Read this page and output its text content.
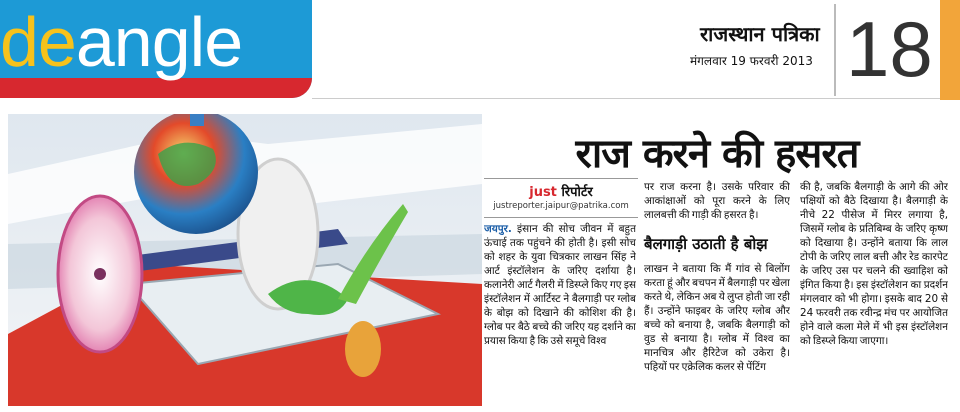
deangle	राजस्थान पत्रिका
मंगलवार 19 फरवरी 2013 18
राज करने की हसरत
just रिपोर्टर
justreporter.jaipur@patrika.com
जयपुर. इंसान की सोच जीवन में बहुत ऊंचाई तक पहुंचने की होती है। इसी सोच को शहर के युवा चित्रकार लाखन सिंह ने आर्ट इंस्टॉलेशन के जरिए दर्शाया है। कलानेरी आर्ट गैलरी में डिस्प्ले किए गए इस इंस्टॉलेशन में आर्टिस्ट ने बैलगाड़ी पर ग्लोब के बोझ को दिखाने की कोशिश की है। ग्लोब पर बैठे बच्चे की जरिए यह दर्शाने का प्रयास किया है कि उसे समूचे विश्व
पर राज करना है। उसके परिवार की आकांक्षाओं को पूरा करने के लिए लालबत्ती की गाड़ी की हसरत है।
बैलगाड़ी उठाती है बोझ
लाखन ने बताया कि मैं गांव से बिलोंग करता हूं और बचपन में बैलगाड़ी पर खेला करते थे, लेकिन अब ये लुप्त होती जा रही हैं। उन्होंने फाइबर के जरिए ग्लोब और बच्चे को बनाया है, जबकि बैलगाड़ी को वुड से बनाया है। ग्लोब में विश्व का मानचित्र और हैरिटेज को उकेरा है। पहियों पर एक्रेलिक कलर से पेंटिंग
की है, जबकि बैलगाड़ी के आगे की ओर पक्षियों को बैठे दिखाया है। बैलगाड़ी के नीचे 22 पीसेज में मिरर लगाया है, जिसमें ग्लोब के प्रतिबिम्ब के जरिए कृष्ण को दिखाया है। उन्होंने बताया कि लाल टोपी के जरिए लाल बत्ती और रेड कारपेट के जरिए उस पर चलने की ख्वाहिश को इंगित किया है। इस इंस्टॉलेशन का प्रदर्शन मंगलवार को भी होगा। इसके बाद 20 से 24 फरवरी तक रवीन्द्र मंच पर आयोजित होने वाले कला मेले में भी इस इंस्टॉलेशन को डिस्प्ले किया जाएगा।
